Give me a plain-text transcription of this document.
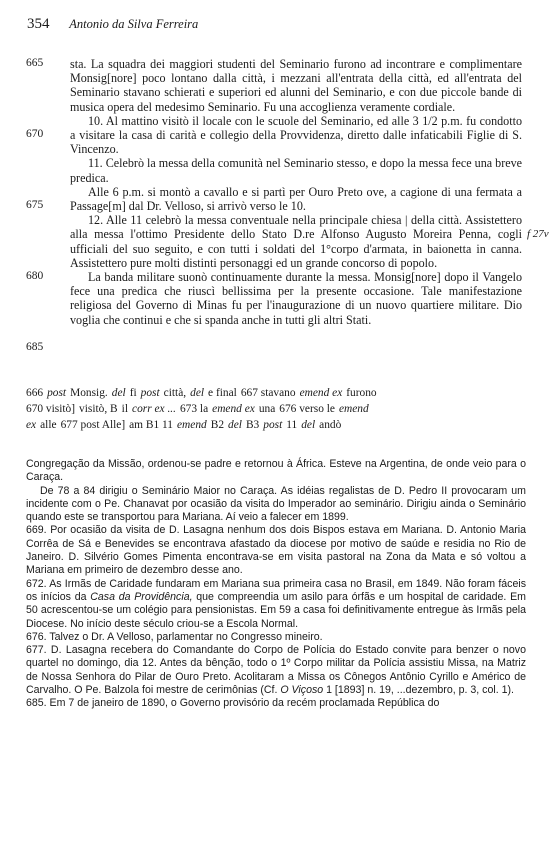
354 Antonio da Silva Ferreira
665
670
675
680
685
f 27v

sta. La squadra dei maggiori studenti del Seminario furono ad incontrare e complimentare Monsig[nore] poco lontano dalla città, i mezzani all'entrata della città, ed all'entrata del Seminario stavano schierati e superiori ed alunni del Seminario, e con due piccole bande di musica opera del medesimo Seminario. Fu una accoglienza veramente cordiale.

10. Al mattino visitò il locale con le scuole del Seminario, ed alle 3 1/2 p.m. fu condotto a visitare la casa di carità e collegio della Provvidenza, diretto dalle infaticabili Figlie di S. Vincenzo.

11. Celebrò la messa della comunità nel Seminario stesso, e dopo la messa fece una breve predica.

Alle 6 p.m. si montò a cavallo e si partì per Ouro Preto ove, a cagione di una fermata a Passage[m] dal Dr. Velloso, si arrivò verso le 10.

12. Alle 11 celebrò la messa conventuale nella principale chiesa | della città. Assistettero alla messa l'ottimo Presidente dello Stato D.re Alfonso Augusto Moreira Penna, cogli ufficiali del suo seguito, e con tutti i soldati del 1°corpo d'armata, in baionetta in canna. Assistettero pure molti distinti personaggi ed un grande concorso di popolo.

La banda militare suonò continuamente durante la messa. Monsig[nore] dopo il Vangelo fece una predica che riuscì bellissima per la presente occasione. Tale manifestazione religiosa del Governo di Minas fu per l'inaugurazione di un nuovo quartiere militare. Dio voglia che continui e che si spanda anche in tutti gli altri Stati.

666 post Monsig. del fi post città, del e final 667 stavano emend ex furono
670 visitò] visitò, B il corr ex ... 673 la emend ex una 676 verso le emend
ex alle 677 post Alle] am B1 11 emend B2 del B3 post 11 del andò

Congregação da Missão, ordenou-se padre e retornou à África. Esteve na Argentina, de onde veio para o Caraça.

De 78 a 84 dirigiu o Seminário Maior no Caraça. As idéias regalistas de D. Pedro II provocaram um incidente com o Pe. Chanavat por ocasião da visita do Imperador ao seminário. Dirigiu ainda o Seminário quando este se transportou para Mariana. Aí veio a falecer em 1899.

669. Por ocasião da visita de D. Lasagna nenhum dos dois Bispos estava em Mariana. D. Antonio Maria Corrêa de Sá e Benevides se encontrava afastado da diocese por motivo de saúde e residia no Rio de Janeiro. D. Silvério Gomes Pimenta encontrava-se em visita pastoral na Zona da Mata e só voltou a Mariana em primeiro de dezembro desse ano.

672. As Irmãs de Caridade fundaram em Mariana sua primeira casa no Brasil, em 1849. Não foram fáceis os inícios da Casa da Providência, que compreendia um asilo para órfãs e um hospital de caridade. Em 50 acrescentou-se um colégio para pensionistas. Em 59 a casa foi definitivamente entregue às Irmãs pela Diocese. No início deste século criou-se a Escola Normal.

676. Talvez o Dr. A Velloso, parlamentar no Congresso mineiro.

677. D. Lasagna recebera do Comandante do Corpo de Polícia do Estado convite para benzer o novo quartel no domingo, dia 12. Antes da bênção, todo o 1º Corpo militar da Polícia assistiu Missa, na Matriz de Nossa Senhora do Pilar de Ouro Preto. Acolitaram a Missa os Cônegos Antônio Cyrillo e Américo de Carvalho. O Pe. Balzola foi mestre de cerimônias (Cf. O Viçoso 1 [1893] n. 19, ...dezembro, p. 3, col. 1).

685. Em 7 de janeiro de 1890, o Governo provisório da recém proclamada República do
